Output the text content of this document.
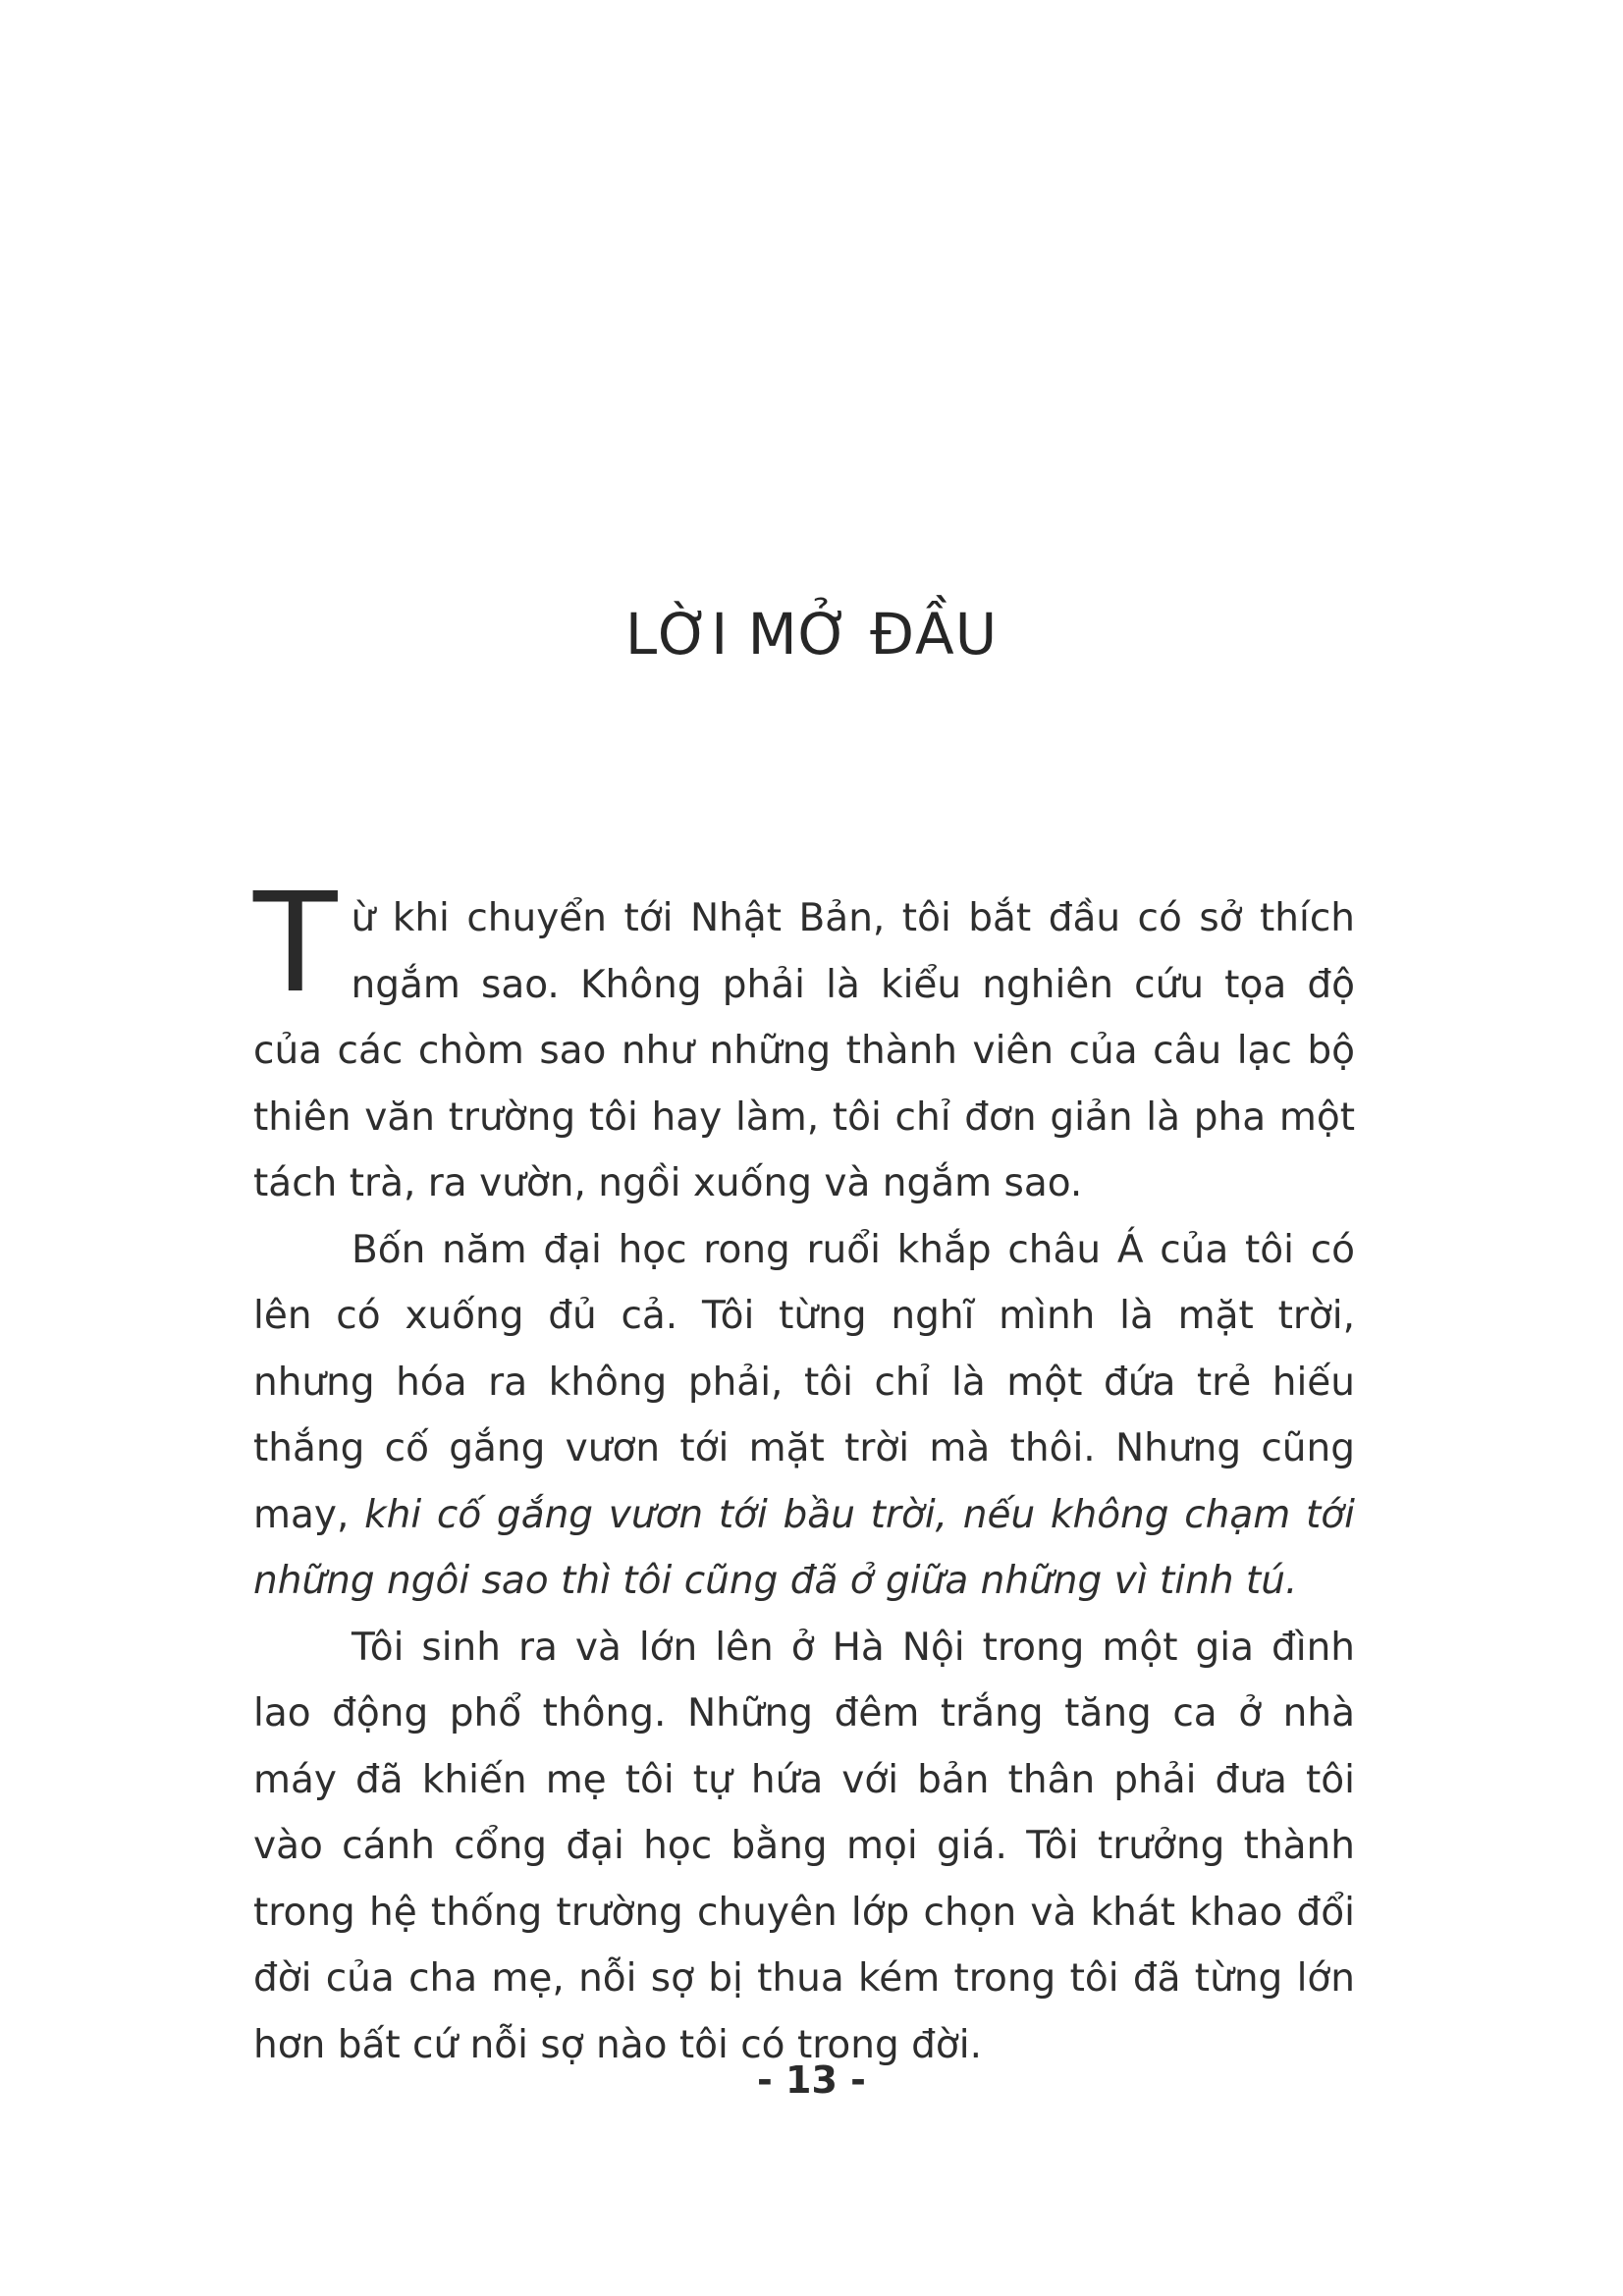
LỜI MỞ ĐẦU

Từ khi chuyển tới Nhật Bản, tôi bắt đầu có sở thích ngắm sao. Không phải là kiểu nghiên cứu tọa độ của các chòm sao như những thành viên của câu lạc bộ thiên văn trường tôi hay làm, tôi chỉ đơn giản là pha một tách trà, ra vườn, ngồi xuống và ngắm sao.

Bốn năm đại học rong ruổi khắp châu Á của tôi có lên có xuống đủ cả. Tôi từng nghĩ mình là mặt trời, nhưng hóa ra không phải, tôi chỉ là một đứa trẻ hiếu thắng cố gắng vươn tới mặt trời mà thôi. Nhưng cũng may, khi cố gắng vươn tới bầu trời, nếu không chạm tới những ngôi sao thì tôi cũng đã ở giữa những vì tinh tú.

Tôi sinh ra và lớn lên ở Hà Nội trong một gia đình lao động phổ thông. Những đêm trắng tăng ca ở nhà máy đã khiến mẹ tôi tự hứa với bản thân phải đưa tôi vào cánh cổng đại học bằng mọi giá. Tôi trưởng thành trong hệ thống trường chuyên lớp chọn và khát khao đổi đời của cha mẹ, nỗi sợ bị thua kém trong tôi đã từng lớn hơn bất cứ nỗi sợ nào tôi có trong đời.

- 13 -
